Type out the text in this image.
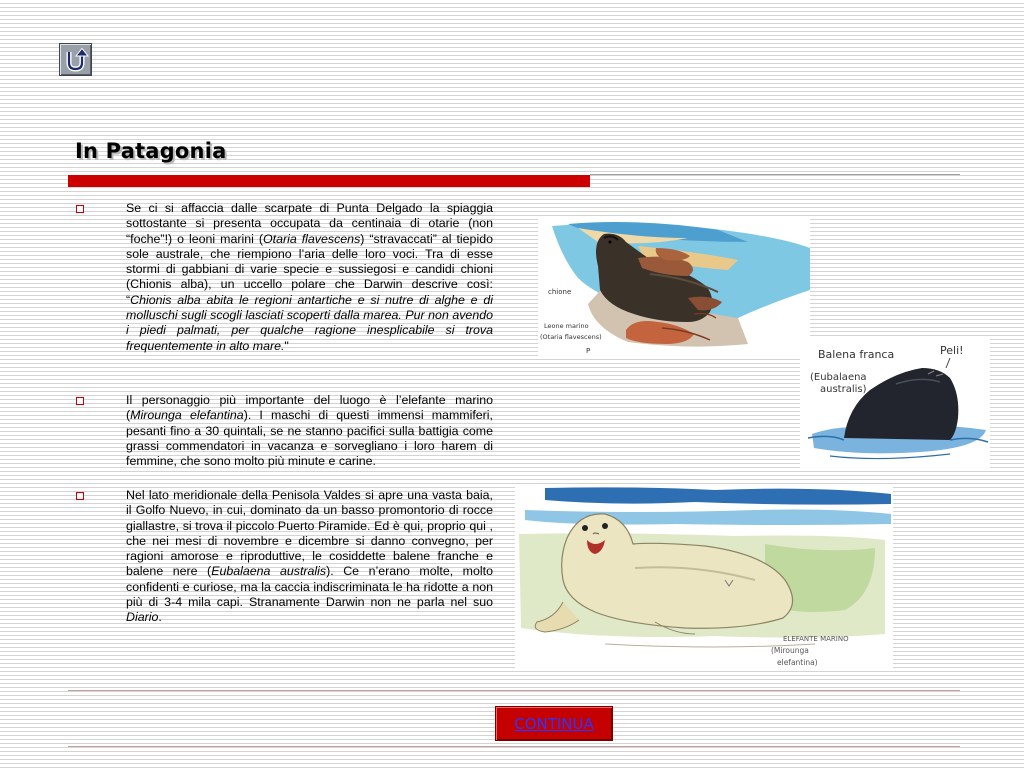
In Patagonia

Se ci si affaccia dalle scarpate di Punta Delgado la spiaggia sottostante si presenta occupata da centinaia di otarie (non “foche”!) o leoni marini (Otaria flavescens) “stravaccati” al tiepido sole australe, che riempiono l’aria delle loro voci. Tra di esse stormi di gabbiani di varie specie e sussiegosi e candidi chioni (Chionis alba), un uccello polare che Darwin descrive così: “Chionis alba abita le regioni antartiche e si nutre di alghe e di molluschi sugli scogli lasciati scoperti dalla marea. Pur non avendo i piedi palmati, per qualche ragione inesplicabile si trova frequentemente in alto mare."

Il personaggio più importante del luogo è l’elefante marino (Mirounga elefantina). I maschi di questi immensi mammiferi, pesanti fino a 30 quintali, se ne stanno pacifici sulla battigia come grassi commendatori in vacanza e sorvegliano i loro harem di femmine, che sono molto più minute e carine.

Nel lato meridionale della Penisola Valdes si apre una vasta baia, il Golfo Nuevo, in cui, dominato da un basso promontorio di rocce giallastre, si trova il piccolo Puerto Piramide. Ed è qui, proprio qui , che nei mesi di novembre e dicembre si danno convegno, per ragioni amorose e riproduttive, le cosiddette balene franche e balene nere (Eubalaena australis). Ce n’erano molte, molto confidenti e curiose, ma la caccia indiscriminata le ha ridotte a non più di 3-4 mila capi. Stranamente Darwin non ne parla nel suo Diario.

chione
Leone marino
(Otaria flavescens)
P	Balena franca
(Eubalaena
australis)
Peli!
ELEFANTE MARINO
(Mirounga
elefantina)
CONTINUA
